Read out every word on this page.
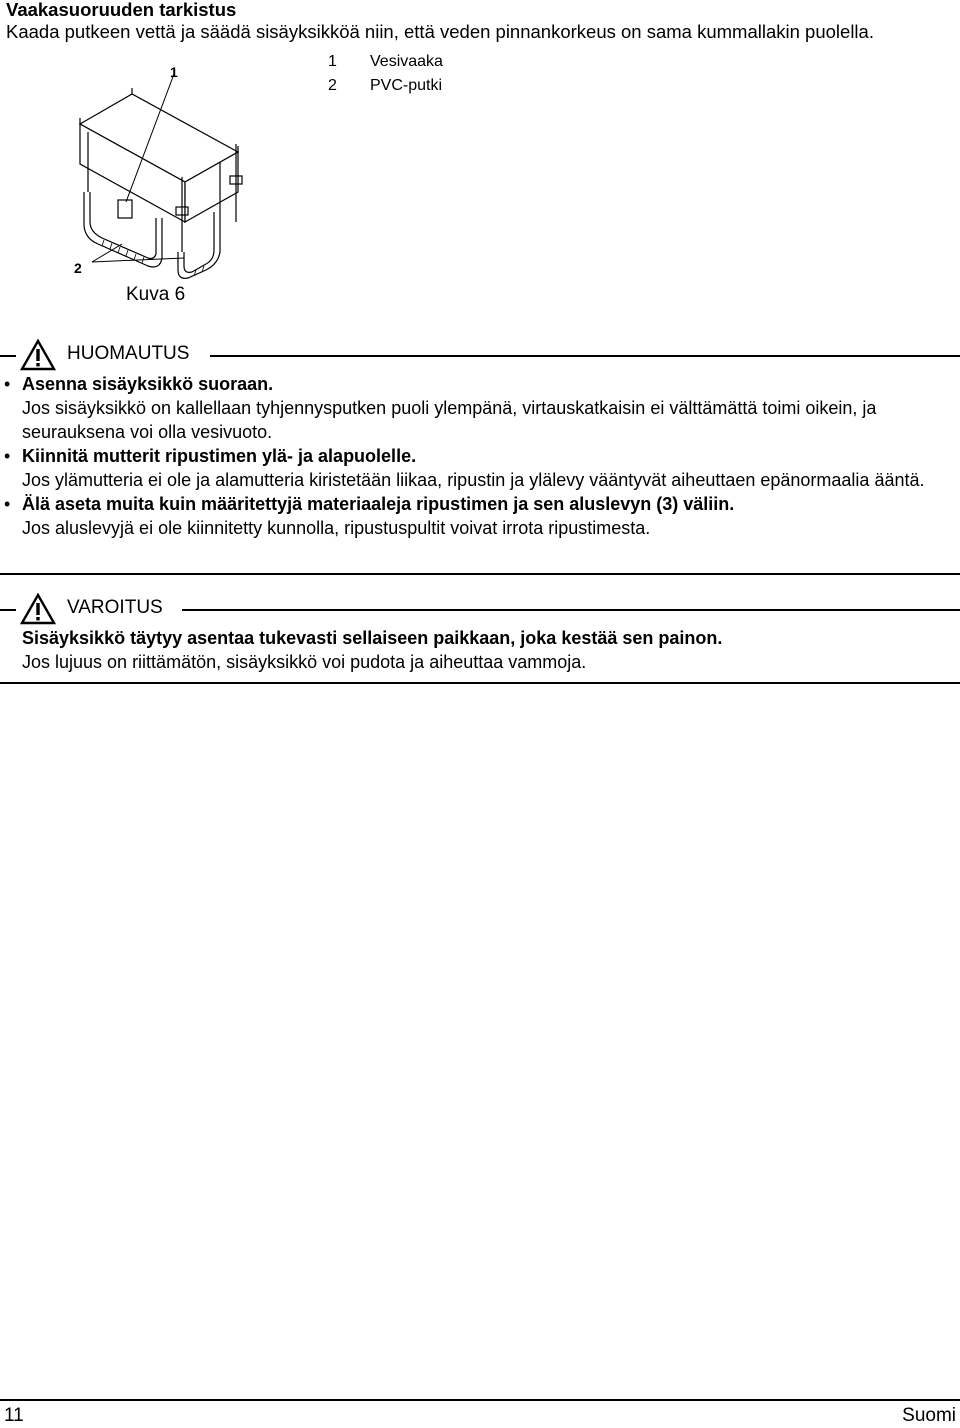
Vaakasuoruuden tarkistus
Kaada putkeen vettä ja säädä sisäyksikköä niin, että veden pinnankorkeus on sama kummallakin puolella.
1
2
Kuva 6
1	Vesivaaka
2	PVC-putki
HUOMAUTUS
• Asenna sisäyksikkö suoraan.
Jos sisäyksikkö on kallellaan tyhjennysputken puoli ylempänä, virtauskatkaisin ei välttämättä toimi oikein, ja seurauksena voi olla vesivuoto.
• Kiinnitä mutterit ripustimen ylä- ja alapuolelle.
Jos ylämutteria ei ole ja alamutteria kiristetään liikaa, ripustin ja ylälevy vääntyvät aiheuttaen epänormaalia ääntä.
• Älä aseta muita kuin määritettyjä materiaaleja ripustimen ja sen aluslevyn (3) väliin.
Jos aluslevyjä ei ole kiinnitetty kunnolla, ripustuspultit voivat irrota ripustimesta.
VAROITUS
Sisäyksikkö täytyy asentaa tukevasti sellaiseen paikkaan, joka kestää sen painon.
Jos lujuus on riittämätön, sisäyksikkö voi pudota ja aiheuttaa vammoja.
11	Suomi
